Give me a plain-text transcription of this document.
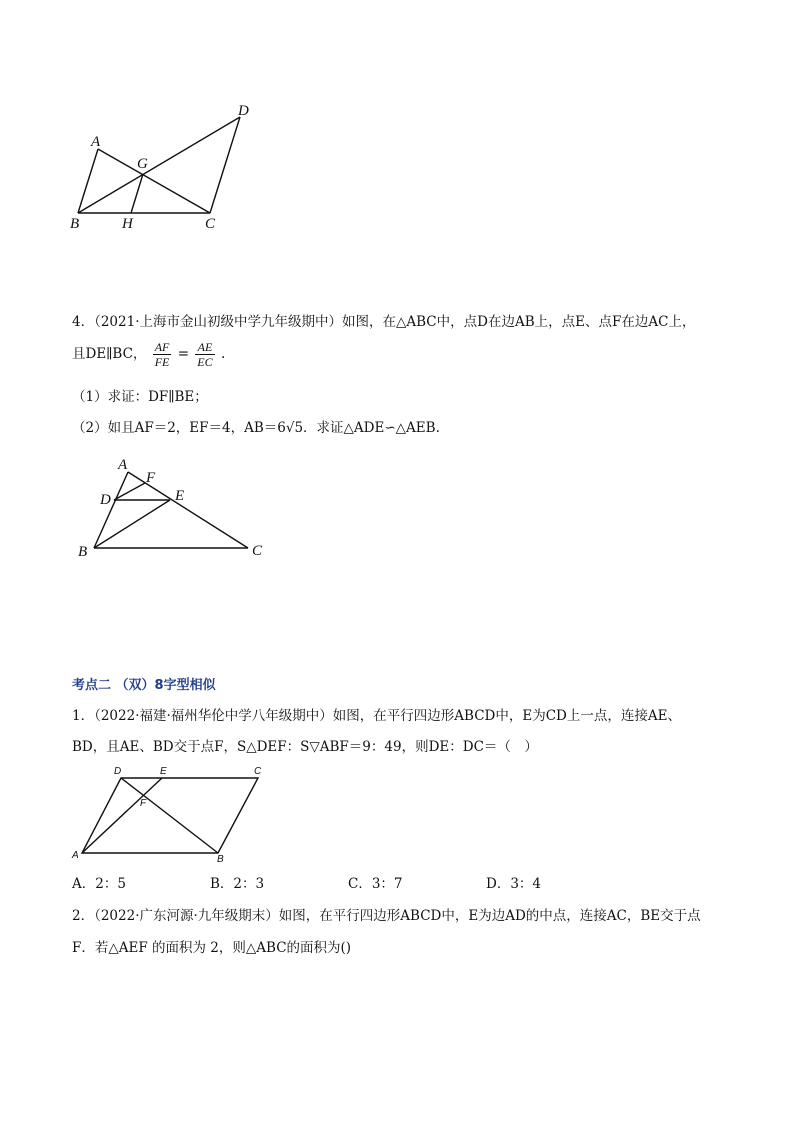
A
B	C
D
G
H
4．（2021·上海市金山初级中学九年级期中）如图，在△ABC中，点D在边AB上，点E、点F在边AC上，
且DE∥BC， $\frac{AF}{FE} = \frac{AE}{EC}$ .
（1）求证：DF∥BE；
（2）如且AF＝2，EF＝4，AB＝6√5．求证△ADE∽△AEB.
A
B	C
D	E
F
考点二 （双）8字型相似
1．（2022·福建·福州华伦中学八年级期中）如图，在平行四边形ABCD中，E为CD上一点，连接AE、
BD，且AE、BD交于点F，S△DEF：S▽ABF＝9：49，则DE：DC＝（　）
A	B
C
D	E
F
A．2：5	B．2：3	C．3：7	D．3：4
2．（2022·广东河源·九年级期末）如图，在平行四边形ABCD中，E为边AD的中点，连接AC，BE交于点
F．若△AEF 的面积为 2，则△ABC的面积为()
